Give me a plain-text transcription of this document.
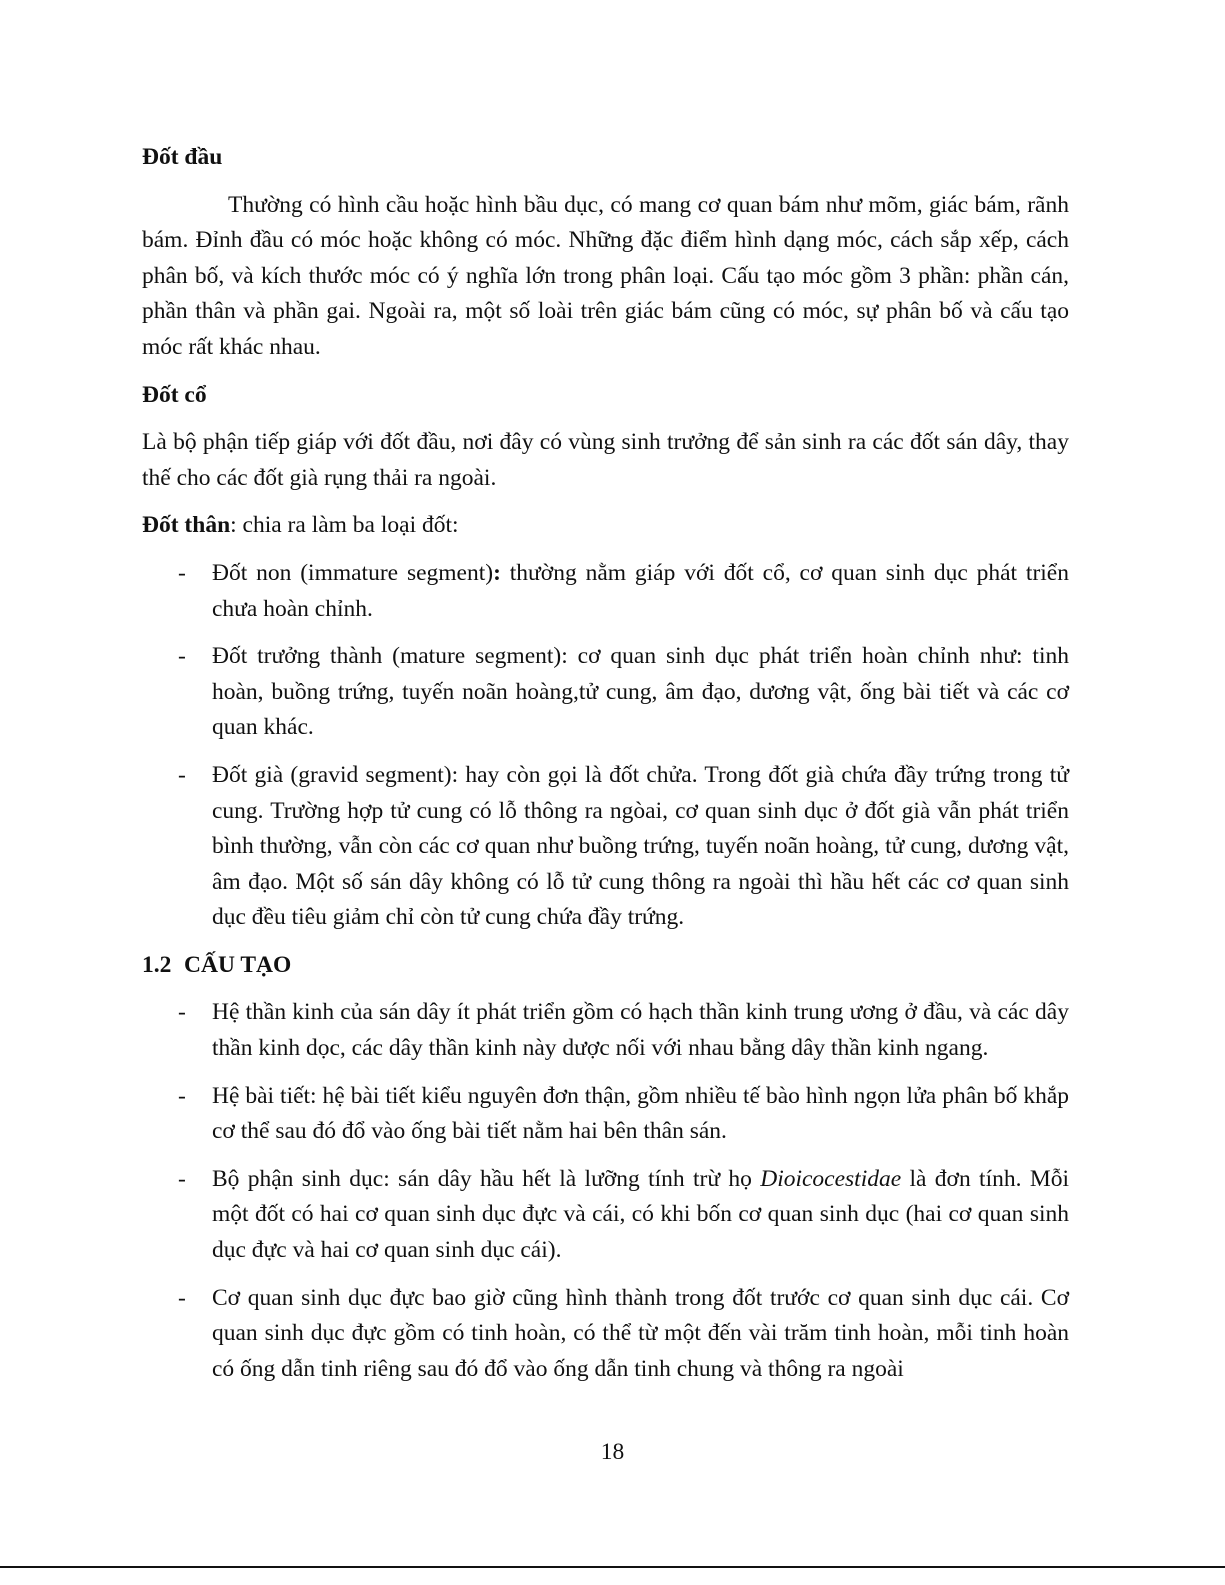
Đốt đầu

Thường có hình cầu hoặc hình bầu dục, có mang cơ quan bám như mõm, giác bám, rãnh bám. Đỉnh đầu có móc hoặc không có móc. Những đặc điểm hình dạng móc, cách sắp xếp, cách phân bố, và kích thước móc có ý nghĩa lớn trong phân loại. Cấu tạo móc gồm 3 phần: phần cán, phần thân và phần gai. Ngoài ra, một số loài trên giác bám cũng có móc, sự phân bố và cấu tạo móc rất khác nhau.

Đốt cổ

Là bộ phận tiếp giáp với đốt đầu, nơi đây có vùng sinh trưởng để sản sinh ra các đốt sán dây, thay thế cho các đốt già rụng thải ra ngoài.

Đốt thân: chia ra làm ba loại đốt:

- Đốt non (immature segment): thường nằm giáp với đốt cổ, cơ quan sinh dục phát triển chưa hoàn chỉnh.
- Đốt trưởng thành (mature segment): cơ quan sinh dục phát triển hoàn chỉnh như: tinh hoàn, buồng trứng, tuyến noãn hoàng,tử cung, âm đạo, dương vật, ống bài tiết và các cơ quan khác.
- Đốt già (gravid segment): hay còn gọi là đốt chửa. Trong đốt già chứa đầy trứng trong tử cung. Trường hợp tử cung có lỗ thông ra ngòai, cơ quan sinh dục ở đốt già vẫn phát triển bình thường, vẫn còn các cơ quan như buồng trứng, tuyến noãn hoàng, tử cung, dương vật, âm đạo. Một số sán dây không có lỗ tử cung thông ra ngoài thì hầu hết các cơ quan sinh dục đều tiêu giảm chỉ còn tử cung chứa đầy trứng.

1.2 CẤU TẠO

- Hệ thần kinh của sán dây ít phát triển gồm có hạch thần kinh trung ương ở đầu, và các dây thần kinh dọc, các dây thần kinh này dược nối với nhau bằng dây thần kinh ngang.
- Hệ bài tiết: hệ bài tiết kiểu nguyên đơn thận, gồm nhiều tế bào hình ngọn lửa phân bố khắp cơ thể sau đó đổ vào ống bài tiết nằm hai bên thân sán.
- Bộ phận sinh dục: sán dây hầu hết là lưỡng tính trừ họ Dioicocestidae là đơn tính. Mỗi một đốt có hai cơ quan sinh dục đực và cái, có khi bốn cơ quan sinh dục (hai cơ quan sinh dục đực và hai cơ quan sinh dục cái).
- Cơ quan sinh dục đực bao giờ cũng hình thành trong đốt trước cơ quan sinh dục cái. Cơ quan sinh dục đực gồm có tinh hoàn, có thể từ một đến vài trăm tinh hoàn, mỗi tinh hoàn có ống dẫn tinh riêng sau đó đổ vào ống dẫn tinh chung và thông ra ngoài
18
